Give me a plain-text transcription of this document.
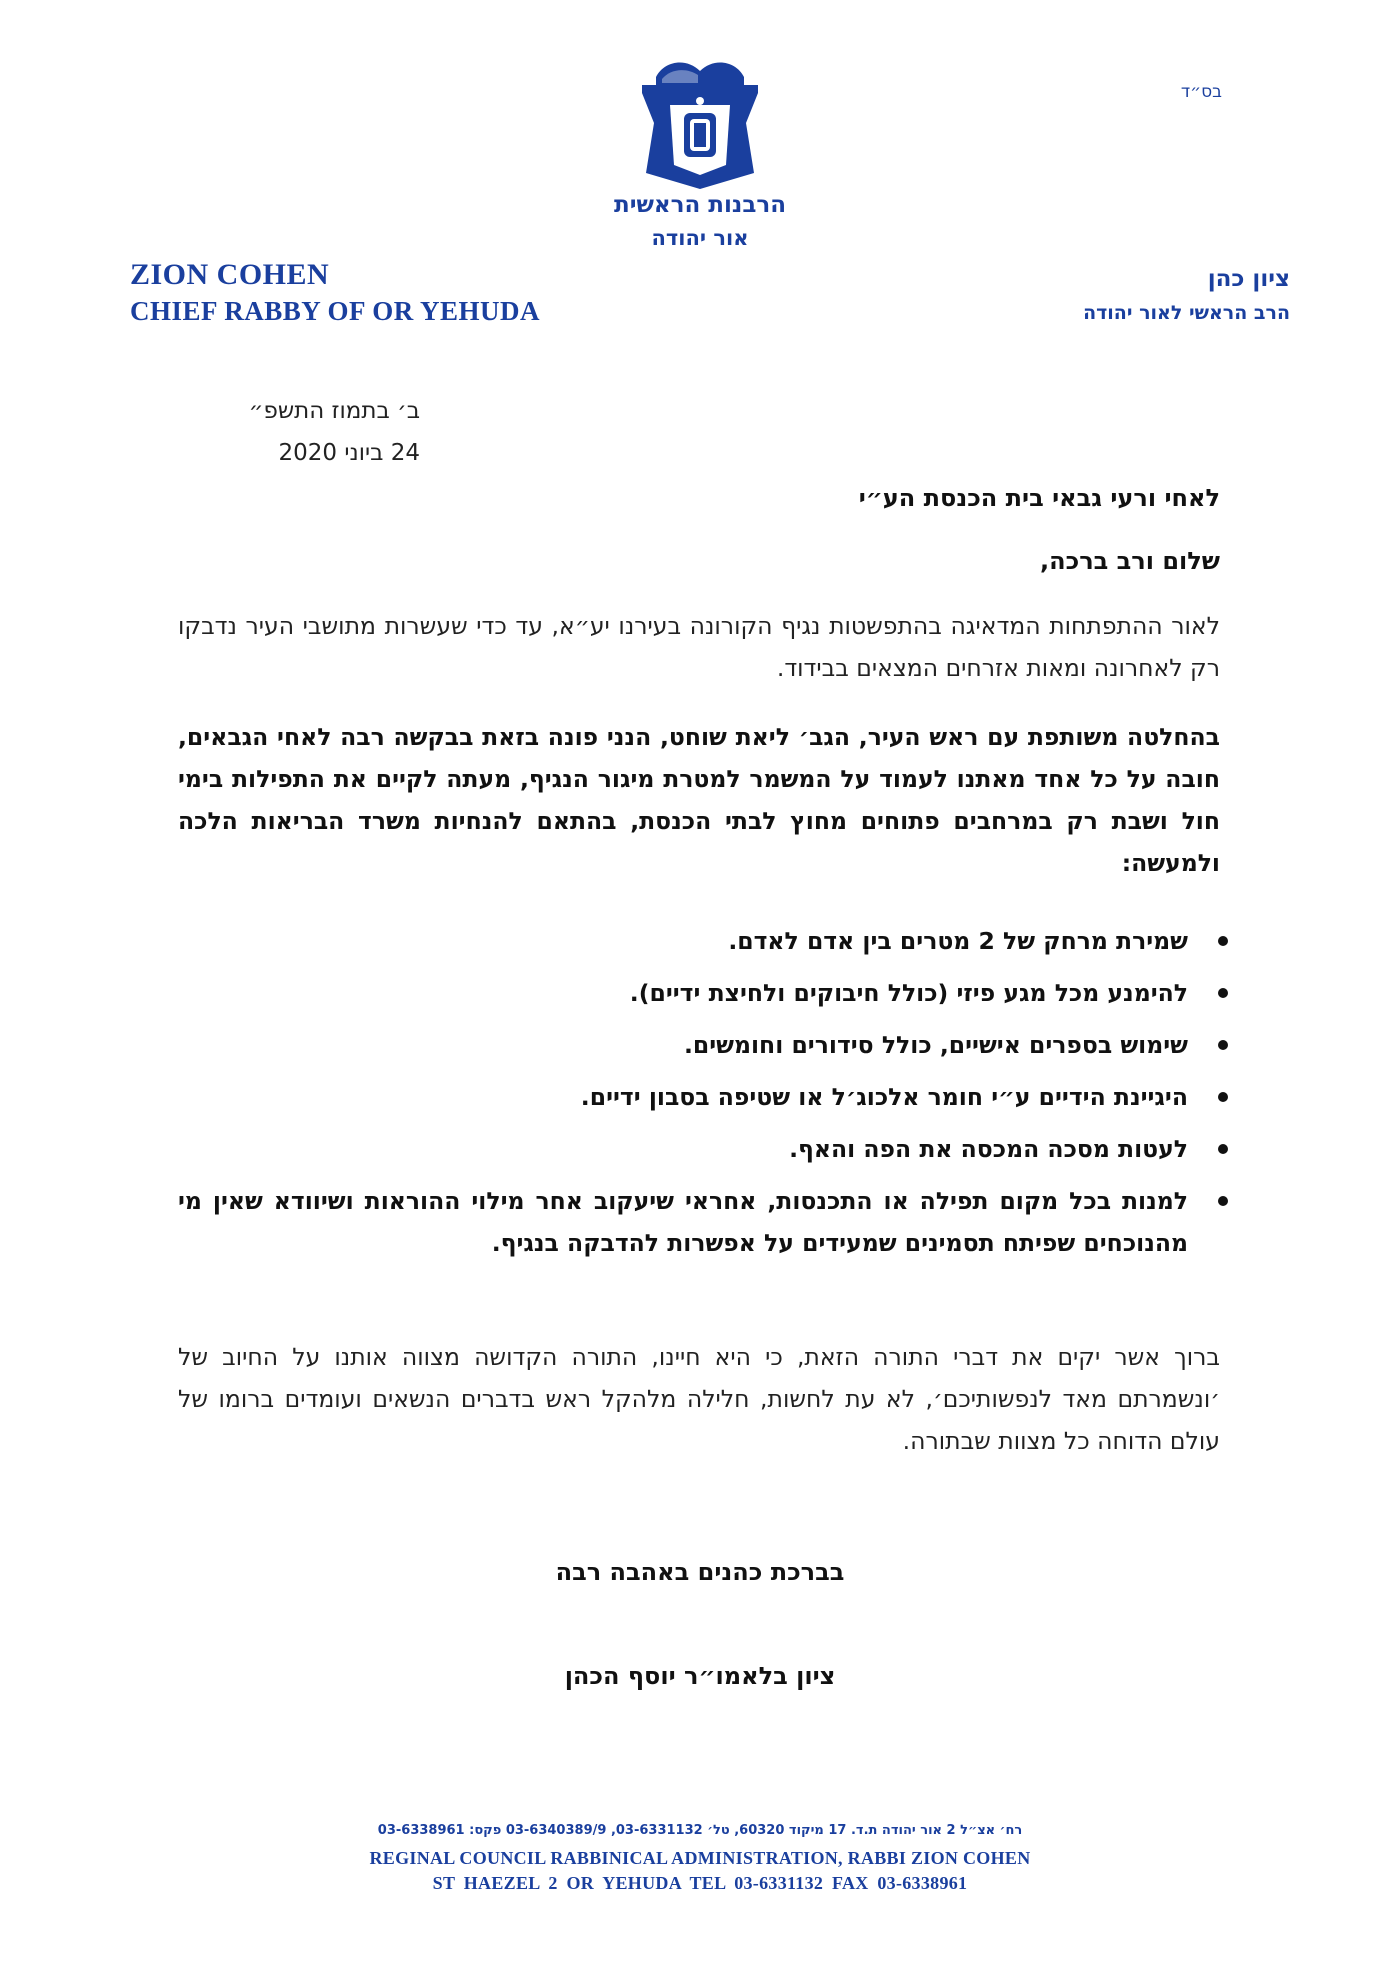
בס״ד
הרבנות הראשית
אור יהודה
ZION COHEN
CHIEF RABBY OF OR YEHUDA
ציון כהן
הרב הראשי לאור יהודה
ב׳ בתמוז התשפ״
24 ביוני 2020
לאחי ורעי גבאי בית הכנסת הע״י
שלום ורב ברכה,
לאור ההתפתחות המדאיגה בהתפשטות נגיף הקורונה בעירנו יע״א, עד כדי שעשרות מתושבי העיר נדבקו רק לאחרונה ומאות אזרחים המצאים בבידוד.
בהחלטה משותפת עם ראש העיר, הגב׳ ליאת שוחט, הנני פונה בזאת בבקשה רבה לאחי הגבאים, חובה על כל אחד מאתנו לעמוד על המשמר למטרת מיגור הנגיף, מעתה לקיים את התפילות בימי חול ושבת רק במרחבים פתוחים מחוץ לבתי הכנסת, בהתאם להנחיות משרד הבריאות הלכה ולמעשה:
שמירת מרחק של 2 מטרים בין אדם לאדם.
להימנע מכל מגע פיזי (כולל חיבוקים ולחיצת ידיים).
שימוש בספרים אישיים, כולל סידורים וחומשים.
היגיינת הידיים ע״י חומר אלכוג׳ל או שטיפה בסבון ידיים.
לעטות מסכה המכסה את הפה והאף.
למנות בכל מקום תפילה או התכנסות, אחראי שיעקוב אחר מילוי ההוראות ושיוודא שאין מי מהנוכחים שפיתח תסמינים שמעידים על אפשרות להדבקה בנגיף.
ברוך אשר יקים את דברי התורה הזאת, כי היא חיינו, התורה הקדושה מצווה אותנו על החיוב של ׳ונשמרתם מאד לנפשותיכם׳, לא עת לחשות, חלילה מלהקל ראש בדברים הנשאים ועומדים ברומו של עולם הדוחה כל מצוות שבתורה.
בברכת כהנים באהבה רבה
ציון בלאמו״ר יוסף הכהן
רח׳ אצ״ל 2 אור יהודה ת.ד. 17 מיקוד 60320, טל׳ 03-6331132, 03-6340389/9 פקס: 03-6338961
REGINAL COUNCIL RABBINICAL ADMINISTRATION, RABBI ZION COHEN
ST HAEZEL 2 OR YEHUDA TEL 03-6331132 FAX 03-6338961
